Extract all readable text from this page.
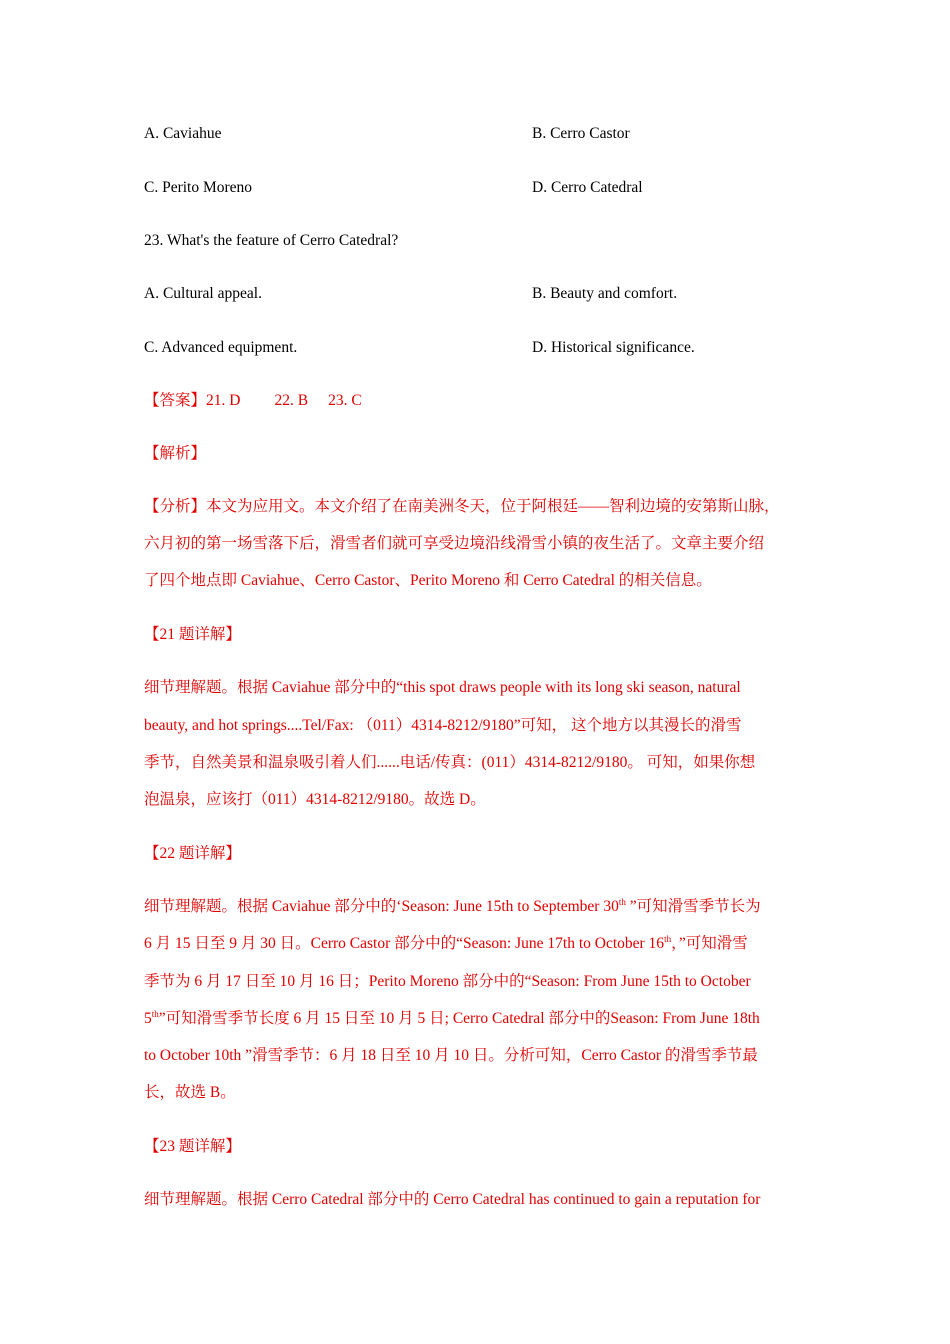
A. Caviahue	B. Cerro Castor
C. Perito Moreno	D. Cerro Catedral
23. What's the feature of Cerro Catedral?
A. Cultural appeal.	B. Beauty and comfort.
C. Advanced equipment.	D. Historical significance.
【答案】21. D 22. B 23. C
【解析】
【分析】本文为应用文。本文介绍了在南美洲冬天，位于阿根廷——智利边境的安第斯山脉，
六月初的第一场雪落下后，滑雪者们就可享受边境沿线滑雪小镇的夜生活了。文章主要介绍
了四个地点即 Caviahue、Cerro Castor、Perito Moreno 和 Cerro Catedral 的相关信息。
【21 题详解】
细节理解题。根据 Caviahue 部分中的“this spot draws people with its long ski season, natural
beauty, and hot springs....Tel/Fax: （011）4314-8212/9180”可知， 这个地方以其漫长的滑雪
季节，自然美景和温泉吸引着人们......电话/传真：(011）4314-8212/9180。 可知，如果你想
泡温泉，应该打（011）4314-8212/9180。故选 D。
【22 题详解】
细节理解题。根据 Caviahue 部分中的‘Season: June 15th to September 30th ”可知滑雪季节长为
6 月 15 日至 9 月 30 日。Cerro Castor 部分中的“Season: June 17th to October 16th，”可知滑雪
季节为 6 月 17 日至 10 月 16 日；Perito Moreno 部分中的“Season: From June 15th to October
5th”可知滑雪季节长度 6 月 15 日至 10 月 5 日; Cerro Catedral 部分中的Season: From June 18th
to October 10th ”滑雪季节：6 月 18 日至 10 月 10 日。分析可知，Cerro Castor 的滑雪季节最
长，故选 B。
【23 题详解】
细节理解题。根据 Cerro Catedral 部分中的 Cerro Catedral has continued to gain a reputation for
